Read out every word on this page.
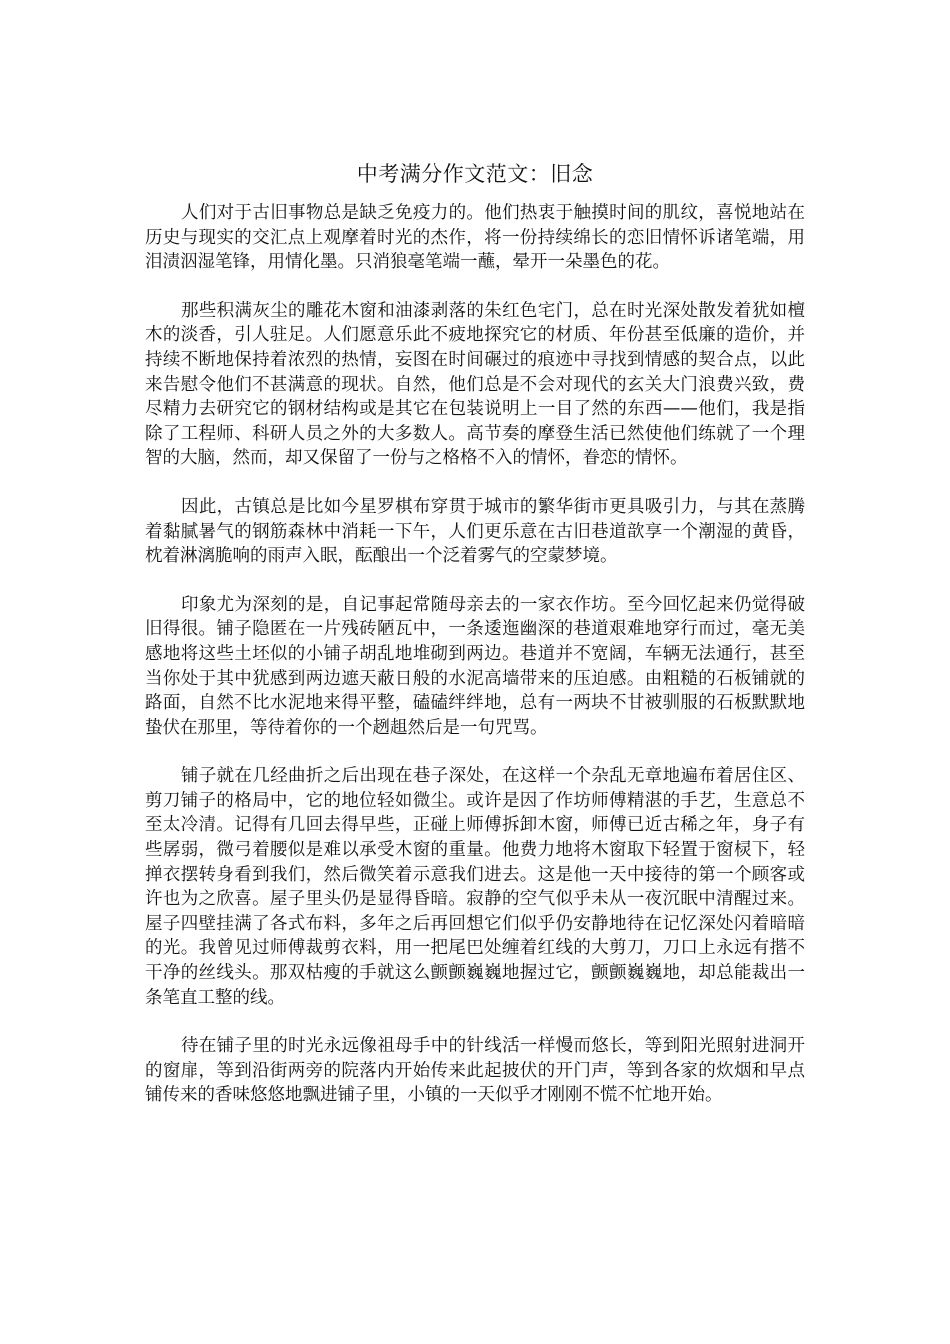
中考满分作文范文：旧念

人们对于古旧事物总是缺乏免疫力的。他们热衷于触摸时间的肌纹，喜悦地站在历史与现实的交汇点上观摩着时光的杰作，将一份持续绵长的恋旧情怀诉诸笔端，用泪渍泅湿笔锋，用情化墨。只消狼毫笔端一蘸，晕开一朵墨色的花。

那些积满灰尘的雕花木窗和油漆剥落的朱红色宅门，总在时光深处散发着犹如檀木的淡香，引人驻足。人们愿意乐此不疲地探究它的材质、年份甚至低廉的造价，并持续不断地保持着浓烈的热情，妄图在时间碾过的痕迹中寻找到情感的契合点，以此来告慰令他们不甚满意的现状。自然，他们总是不会对现代的玄关大门浪费兴致，费尽精力去研究它的钢材结构或是其它在包装说明上一目了然的东西——他们，我是指除了工程师、科研人员之外的大多数人。高节奏的摩登生活已然使他们练就了一个理智的大脑，然而，却又保留了一份与之格格不入的情怀，眷恋的情怀。

因此，古镇总是比如今星罗棋布穿贯于城市的繁华街市更具吸引力，与其在蒸腾着黏腻暑气的钢筋森林中消耗一下午，人们更乐意在古旧巷道歆享一个潮湿的黄昏，枕着淋漓脆响的雨声入眠，酝酿出一个泛着雾气的空蒙梦境。

印象尤为深刻的是，自记事起常随母亲去的一家衣作坊。至今回忆起来仍觉得破旧得很。铺子隐匿在一片残砖陋瓦中，一条逶迤幽深的巷道艰难地穿行而过，毫无美感地将这些土坯似的小铺子胡乱地堆砌到两边。巷道并不宽阔，车辆无法通行，甚至当你处于其中犹感到两边遮天蔽日般的水泥高墙带来的压迫感。由粗糙的石板铺就的路面，自然不比水泥地来得平整，磕磕绊绊地，总有一两块不甘被驯服的石板默默地蛰伏在那里，等待着你的一个趔趄然后是一句咒骂。

铺子就在几经曲折之后出现在巷子深处，在这样一个杂乱无章地遍布着居住区、剪刀铺子的格局中，它的地位轻如微尘。或许是因了作坊师傅精湛的手艺，生意总不至太冷清。记得有几回去得早些，正碰上师傅拆卸木窗，师傅已近古稀之年，身子有些孱弱，微弓着腰似是难以承受木窗的重量。他费力地将木窗取下轻置于窗棂下，轻掸衣摆转身看到我们，然后微笑着示意我们进去。这是他一天中接待的第一个顾客或许也为之欣喜。屋子里头仍是显得昏暗。寂静的空气似乎未从一夜沉眠中清醒过来。屋子四壁挂满了各式布料，多年之后再回想它们似乎仍安静地待在记忆深处闪着暗暗的光。我曾见过师傅裁剪衣料，用一把尾巴处缠着红线的大剪刀，刀口上永远有揩不干净的丝线头。那双枯瘦的手就这么颤颤巍巍地握过它，颤颤巍巍地，却总能裁出一条笔直工整的线。

待在铺子里的时光永远像祖母手中的针线活一样慢而悠长，等到阳光照射进洞开的窗扉，等到沿街两旁的院落内开始传来此起披伏的开门声，等到各家的炊烟和早点铺传来的香味悠悠地飘进铺子里，小镇的一天似乎才刚刚不慌不忙地开始。
